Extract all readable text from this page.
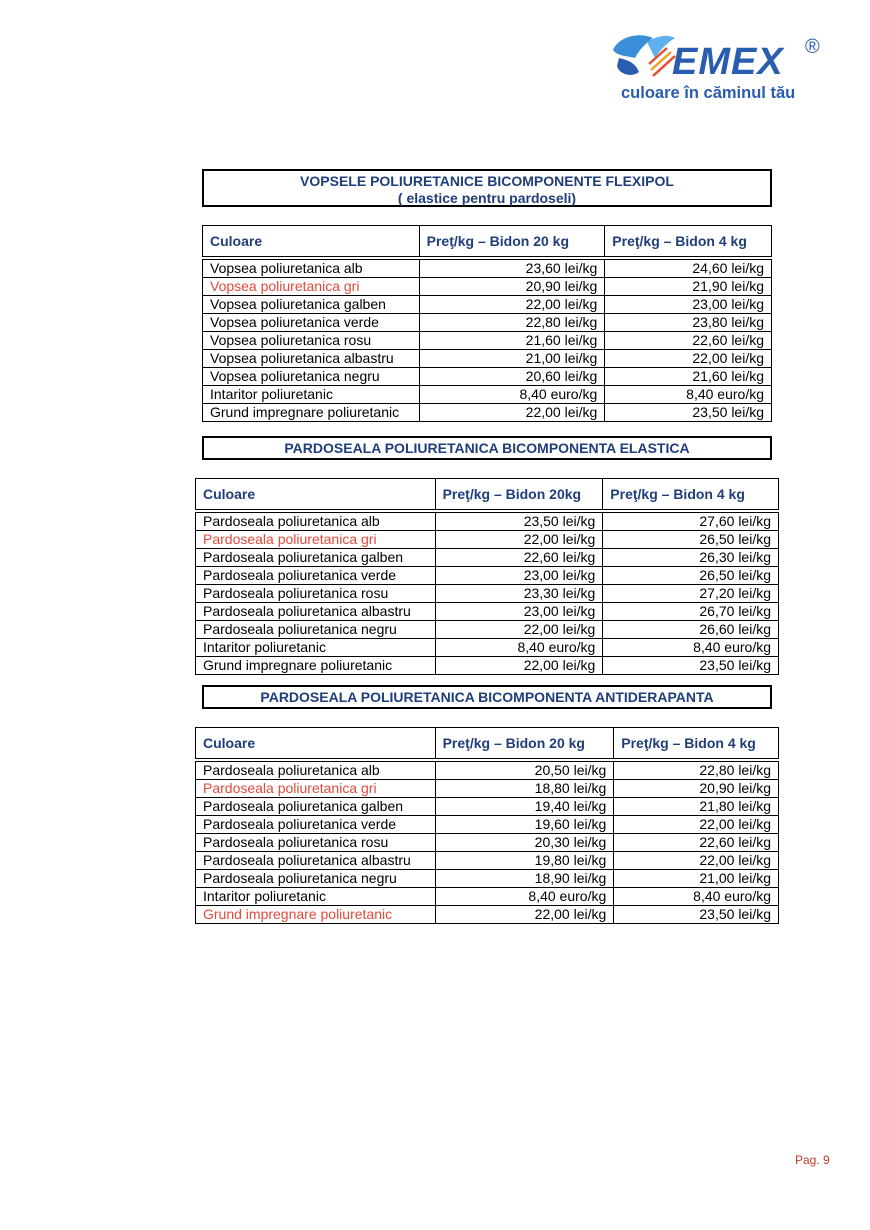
EMEX ®
culoare în căminul tău
VOPSELE POLIURETANICE BICOMPONENTE FLEXIPOL
( elastice pentru pardoseli)
Culoare	Preţ/kg – Bidon 20 kg	Preţ/kg – Bidon 4 kg

Vopsea poliuretanica alb	23,60 lei/kg	24,60 lei/kg
Vopsea poliuretanica gri	20,90 lei/kg	21,90 lei/kg
Vopsea poliuretanica galben	22,00 lei/kg	23,00 lei/kg
Vopsea poliuretanica verde	22,80 lei/kg	23,80 lei/kg
Vopsea poliuretanica rosu	21,60 lei/kg	22,60 lei/kg
Vopsea poliuretanica albastru	21,00 lei/kg	22,00 lei/kg
Vopsea poliuretanica negru	20,60 lei/kg	21,60 lei/kg
Intaritor poliuretanic	8,40 euro/kg	8,40 euro/kg
Grund impregnare poliuretanic	22,00 lei/kg	23,50 lei/kg
PARDOSEALA POLIURETANICA BICOMPONENTA ELASTICA
Culoare	Preţ/kg – Bidon 20kg	Preţ/kg – Bidon 4 kg

Pardoseala poliuretanica alb	23,50 lei/kg	27,60 lei/kg
Pardoseala poliuretanica gri	22,00 lei/kg	26,50 lei/kg
Pardoseala poliuretanica galben	22,60 lei/kg	26,30 lei/kg
Pardoseala poliuretanica verde	23,00 lei/kg	26,50 lei/kg
Pardoseala poliuretanica rosu	23,30 lei/kg	27,20 lei/kg
Pardoseala poliuretanica albastru	23,00 lei/kg	26,70 lei/kg
Pardoseala poliuretanica negru	22,00 lei/kg	26,60 lei/kg
Intaritor poliuretanic	8,40 euro/kg	8,40 euro/kg
Grund impregnare poliuretanic	22,00 lei/kg	23,50 lei/kg
PARDOSEALA POLIURETANICA BICOMPONENTA ANTIDERAPANTA
Culoare	Preţ/kg – Bidon 20 kg	Preţ/kg – Bidon 4 kg

Pardoseala poliuretanica alb	20,50 lei/kg	22,80 lei/kg
Pardoseala poliuretanica gri	18,80 lei/kg	20,90 lei/kg
Pardoseala poliuretanica galben	19,40 lei/kg	21,80 lei/kg
Pardoseala poliuretanica verde	19,60 lei/kg	22,00 lei/kg
Pardoseala poliuretanica rosu	20,30 lei/kg	22,60 lei/kg
Pardoseala poliuretanica albastru	19,80 lei/kg	22,00 lei/kg
Pardoseala poliuretanica negru	18,90 lei/kg	21,00 lei/kg
Intaritor poliuretanic	8,40 euro/kg	8,40 euro/kg
Grund impregnare poliuretanic	22,00 lei/kg	23,50 lei/kg
Pag. 9
